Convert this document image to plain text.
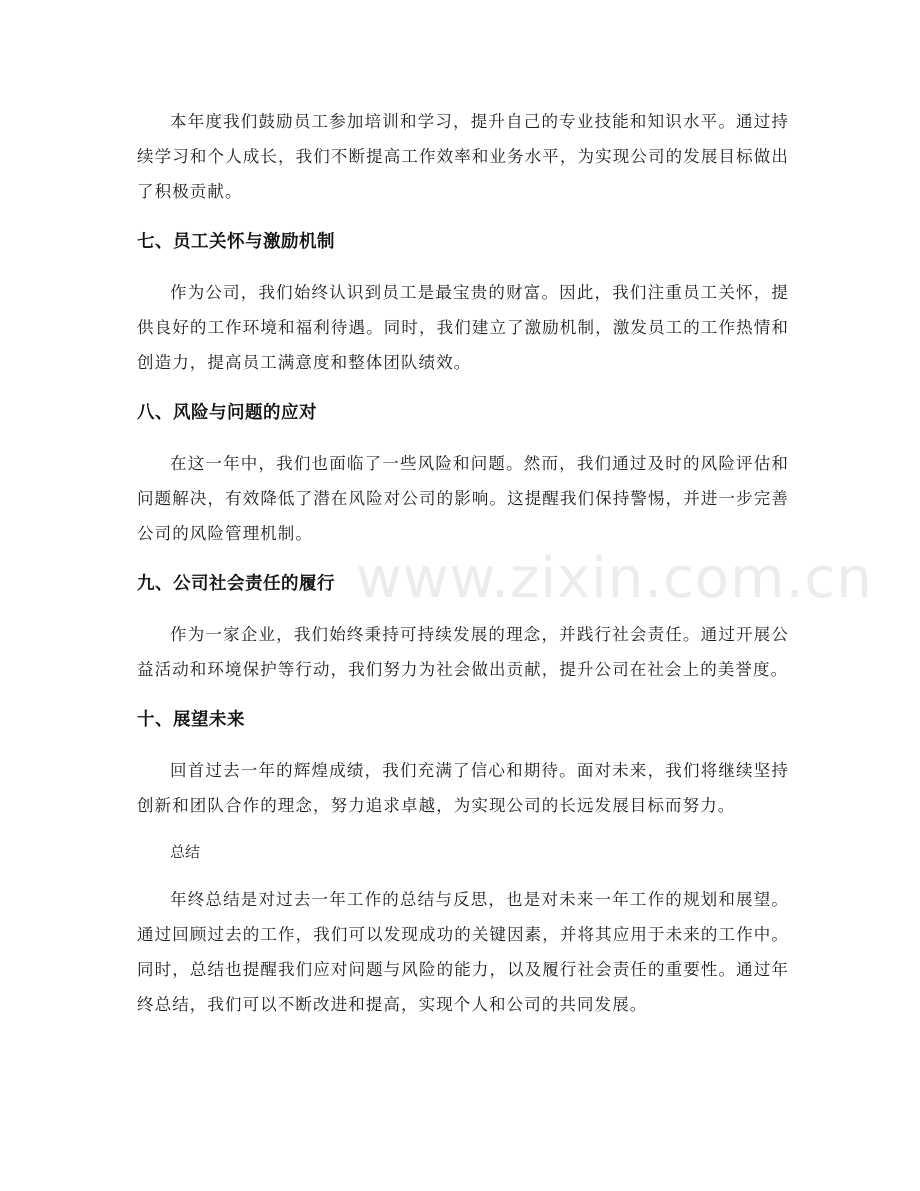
本年度我们鼓励员工参加培训和学习，提升自己的专业技能和知识水平。通过持续学习和个人成长，我们不断提高工作效率和业务水平，为实现公司的发展目标做出了积极贡献。

七、员工关怀与激励机制

作为公司，我们始终认识到员工是最宝贵的财富。因此，我们注重员工关怀，提供良好的工作环境和福利待遇。同时，我们建立了激励机制，激发员工的工作热情和创造力，提高员工满意度和整体团队绩效。

八、风险与问题的应对

在这一年中，我们也面临了一些风险和问题。然而，我们通过及时的风险评估和问题解决，有效降低了潜在风险对公司的影响。这提醒我们保持警惕，并进一步完善公司的风险管理机制。

九、公司社会责任的履行

作为一家企业，我们始终秉持可持续发展的理念，并践行社会责任。通过开展公益活动和环境保护等行动，我们努力为社会做出贡献，提升公司在社会上的美誉度。

十、展望未来

回首过去一年的辉煌成绩，我们充满了信心和期待。面对未来，我们将继续坚持创新和团队合作的理念，努力追求卓越，为实现公司的长远发展目标而努力。

总结

年终总结是对过去一年工作的总结与反思，也是对未来一年工作的规划和展望。通过回顾过去的工作，我们可以发现成功的关键因素，并将其应用于未来的工作中。同时，总结也提醒我们应对问题与风险的能力，以及履行社会责任的重要性。通过年终总结，我们可以不断改进和提高，实现个人和公司的共同发展。

www.zixin.com.cn
